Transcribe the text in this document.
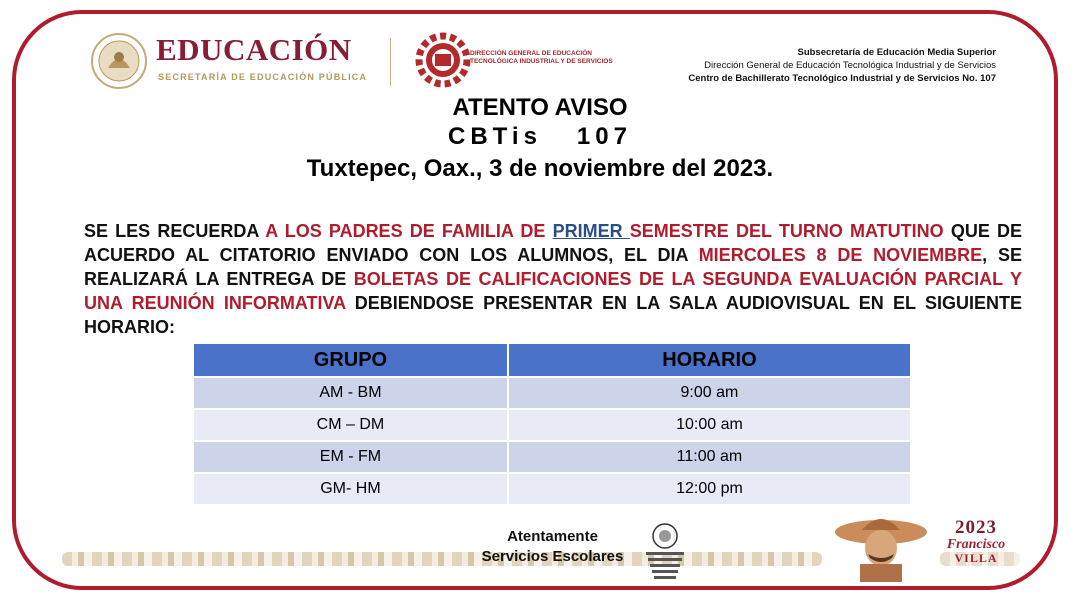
EDUCACIÓN
SECRETARÍA DE EDUCACIÓN PÚBLICA
DIRECCIÓN GENERAL DE EDUCACIÓN TECNOLÓGICA INDUSTRIAL Y DE SERVICIOS
Subsecretaría de Educación Media Superior
Dirección General de Educación Tecnológica Industrial y de Servicios
Centro de Bachillerato Tecnológico Industrial y de Servicios No. 107
ATENTO AVISO
CBTis   107
Tuxtepec, Oax., 3 de noviembre del 2023.
SE LES RECUERDA A LOS PADRES DE FAMILIA DE PRIMER SEMESTRE DEL TURNO MATUTINO QUE DE ACUERDO AL CITATORIO ENVIADO CON LOS ALUMNOS, EL DIA MIERCOLES 8 DE NOVIEMBRE, SE REALIZARÁ LA ENTREGA DE BOLETAS DE CALIFICACIONES DE LA SEGUNDA EVALUACIÓN PARCIAL Y UNA REUNIÓN INFORMATIVA DEBIENDOSE PRESENTAR EN LA SALA AUDIOVISUAL EN EL SIGUIENTE HORARIO:
GRUPO	HORARIO
AM - BM	9:00 am
CM – DM	10:00 am
EM - FM	11:00 am
GM- HM	12:00 pm
Atentamente
Servicios Escolares
2023
Francisco
VILLA
